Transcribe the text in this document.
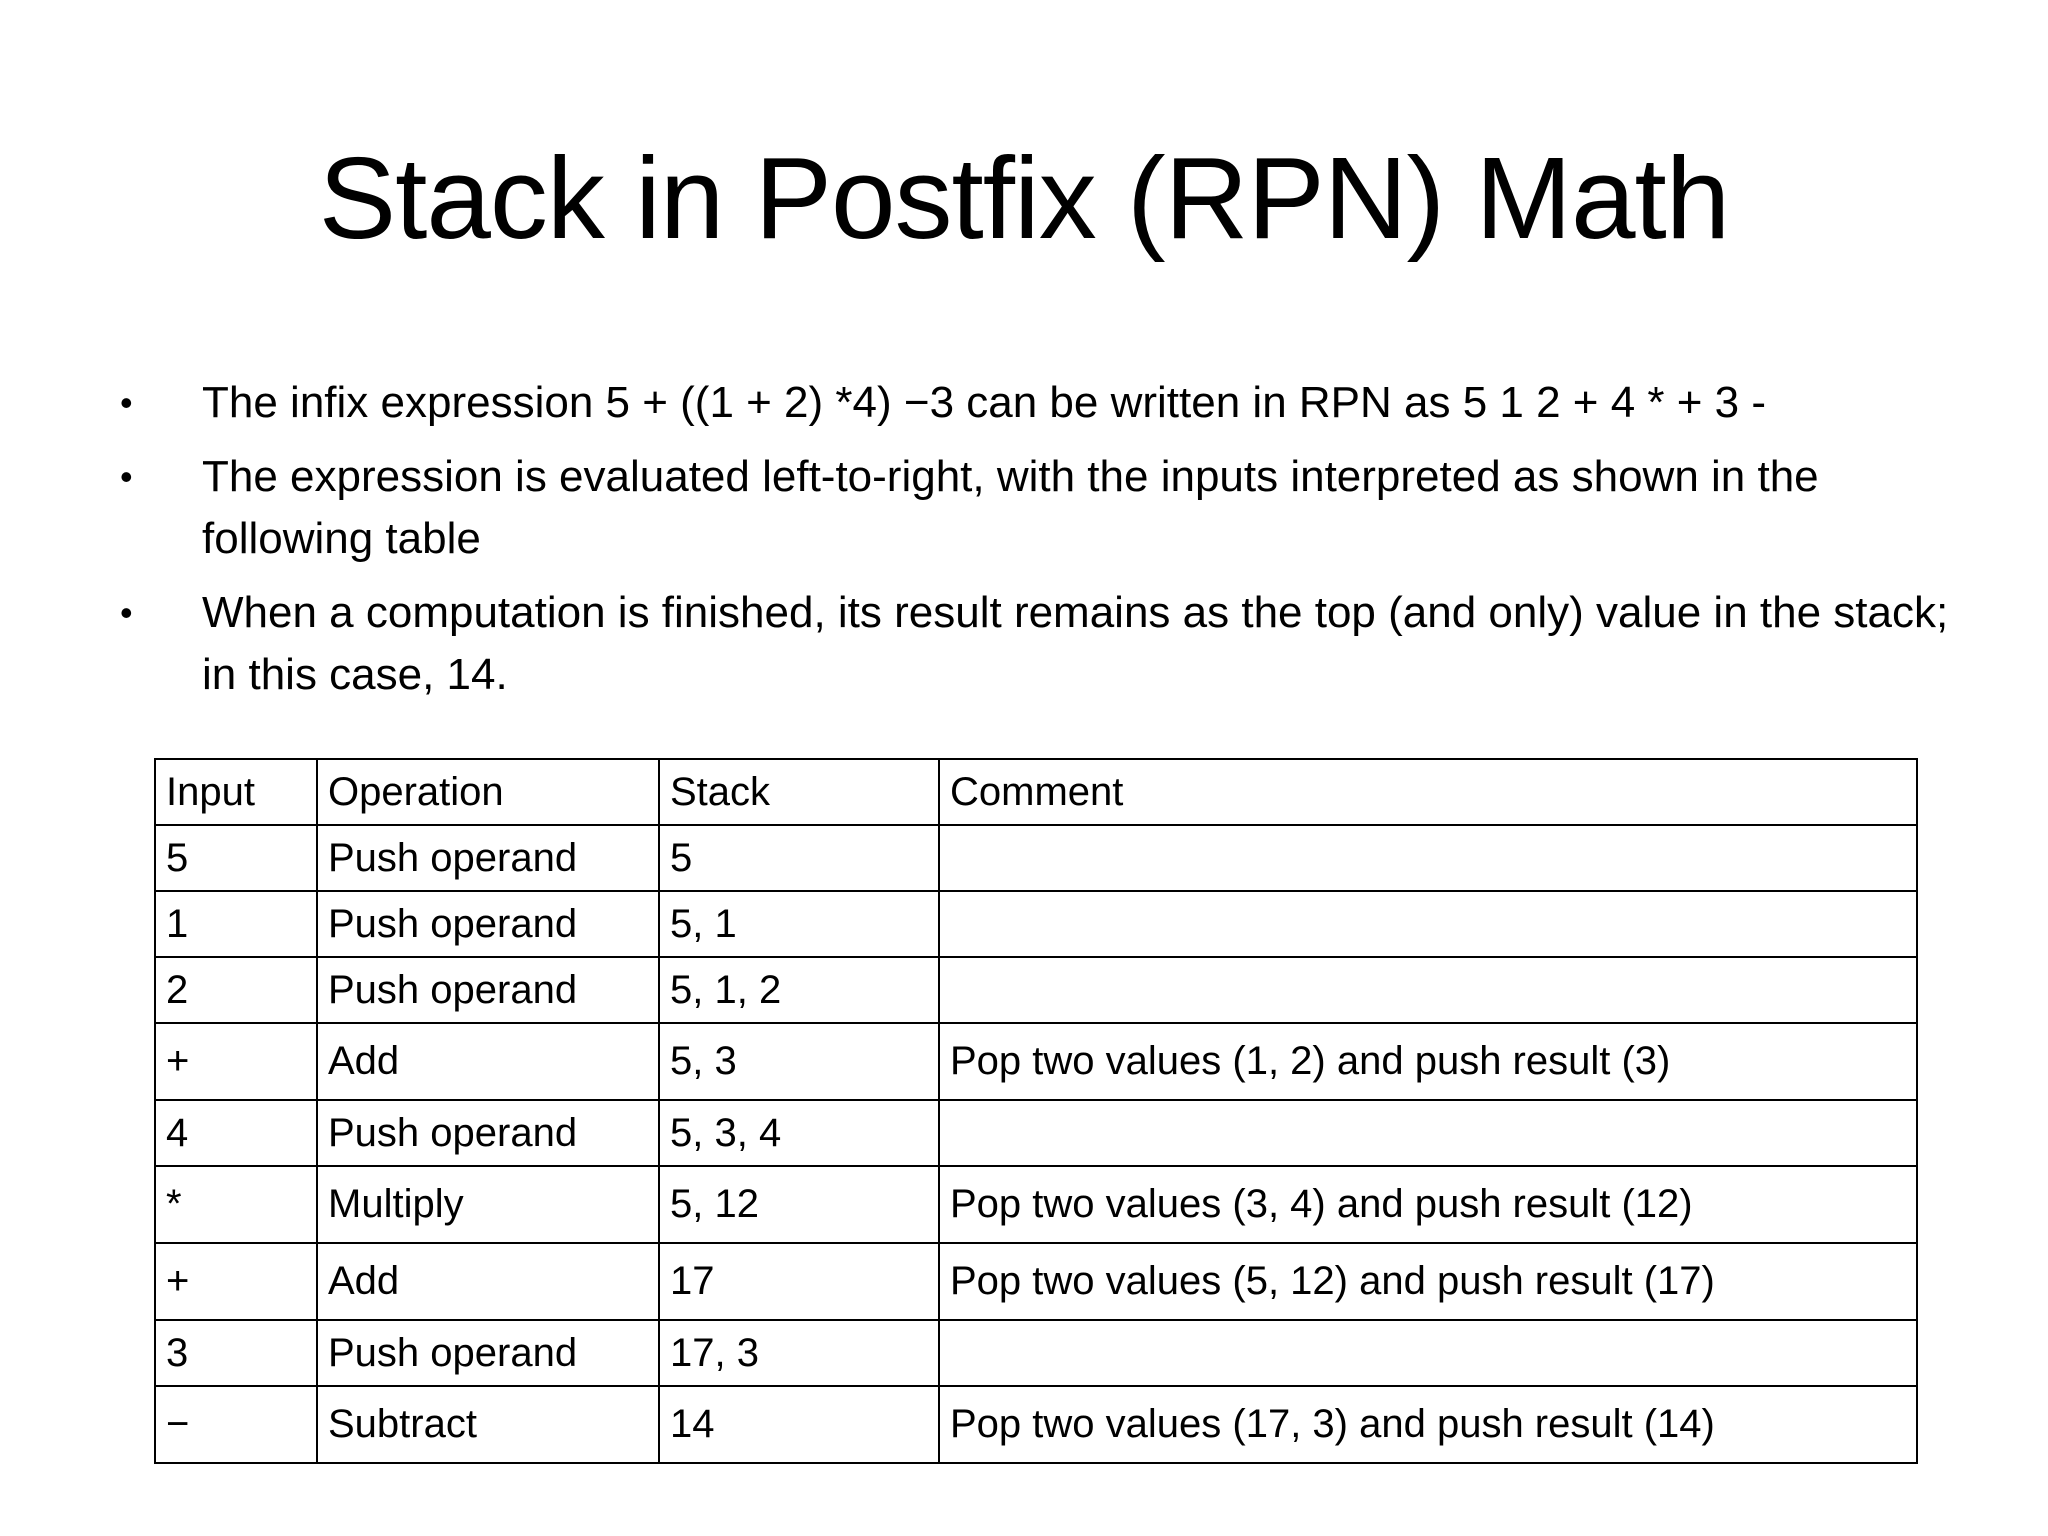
Stack in Postfix (RPN) Math
•	The infix expression 5 + ((1 + 2) *4) −3 can be written in RPN as 5 1 2 + 4 * + 3 -
•	The expression is evaluated left-to-right, with the inputs interpreted as shown in the following table
•	When a computation is finished, its result remains as the top (and only) value in the stack; in this case, 14.
Input	Operation	Stack	Comment
5	Push operand	5	
1	Push operand	5, 1	
2	Push operand	5, 1, 2	
+	Add	5, 3	Pop two values (1, 2) and push result (3)
4	Push operand	5, 3, 4	
*	Multiply	5, 12	Pop two values (3, 4) and push result (12)
+	Add	17	Pop two values (5, 12) and push result (17)
3	Push operand	17, 3	
−	Subtract	14	Pop two values (17, 3) and push result (14)
